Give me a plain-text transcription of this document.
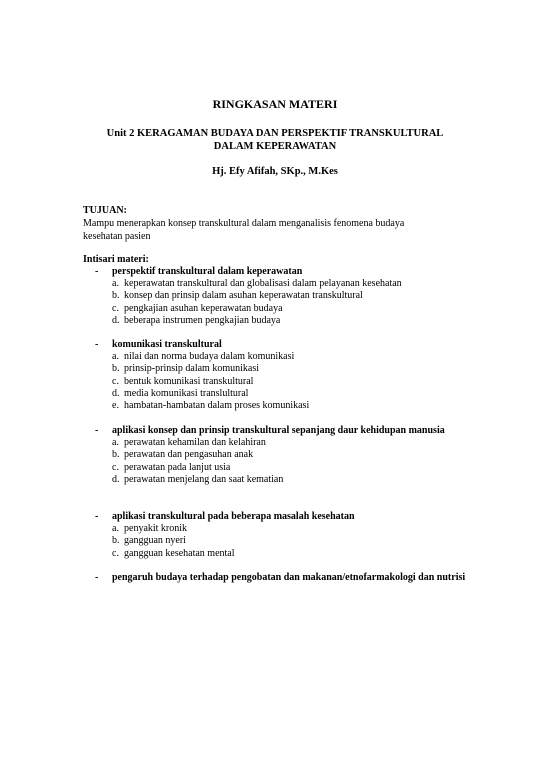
RINGKASAN MATERI

Unit 2 KERAGAMAN BUDAYA DAN PERSPEKTIF TRANSKULTURAL
DALAM KEPERAWATAN

Hj. Efy Afifah, SKp., M.Kes

TUJUAN:
Mampu menerapkan konsep transkultural dalam menganalisis fenomena budaya
kesehatan pasien
Intisari materi:
-	perspektif transkultural dalam keperawatan
a. keperawatan transkultural dan globalisasi dalam pelayanan kesehatan
b. konsep dan prinsip dalam asuhan keperawatan transkultural
c. pengkajian asuhan keperawatan budaya
d. beberapa instrumen pengkajian budaya
-	komunikasi transkultural
a. nilai dan norma budaya dalam komunikasi
b. prinsip-prinsip dalam komunikasi
c. bentuk komunikasi transkultural
d. media komunikasi translultural
e. hambatan-hambatan dalam proses komunikasi
-	aplikasi konsep dan prinsip transkultural sepanjang daur kehidupan manusia
a. perawatan kehamilan dan kelahiran
b. perawatan dan pengasuhan anak
c. perawatan pada lanjut usia
d. perawatan menjelang dan saat kematian
-	aplikasi transkultural pada beberapa masalah kesehatan
a. penyakit kronik
b. gangguan nyeri
c. gangguan kesehatan mental
-	pengaruh budaya terhadap pengobatan dan makanan/etnofarmakologi dan nutrisi
